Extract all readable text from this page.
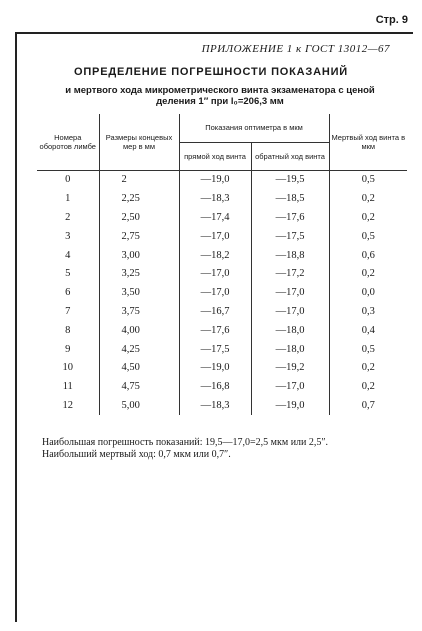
Стр. 9
ПРИЛОЖЕНИЕ 1 к ГОСТ 13012—67
ОПРЕДЕЛЕНИЕ ПОГРЕШНОСТИ ПОКАЗАНИЙ
и мертвого хода микрометрического винта экзаменатора с ценой
деления 1″ при l₀=206,3 мм
Номера оборотов лимбе	Размеры концевых мер в мм	Показания оптиметра в мкм		Мертвый ход винта в мкм
		прямой ход винта	обратный ход винта	
0	2	—19,0	—19,5	0,5
1	2,25	—18,3	—18,5	0,2
2	2,50	—17,4	—17,6	0,2
3	2,75	—17,0	—17,5	0,5
4	3,00	—18,2	—18,8	0,6
5	3,25	—17,0	—17,2	0,2
6	3,50	—17,0	—17,0	0,0
7	3,75	—16,7	—17,0	0,3
8	4,00	—17,6	—18,0	0,4
9	4,25	—17,5	—18,0	0,5
10	4,50	—19,0	—19,2	0,2
11	4,75	—16,8	—17,0	0,2
12	5,00	—18,3	—19,0	0,7
Наибольшая погрешность показаний: 19,5—17,0=2,5 мкм или 2,5″.
Наибольший мертвый ход: 0,7 мкм или 0,7″.
